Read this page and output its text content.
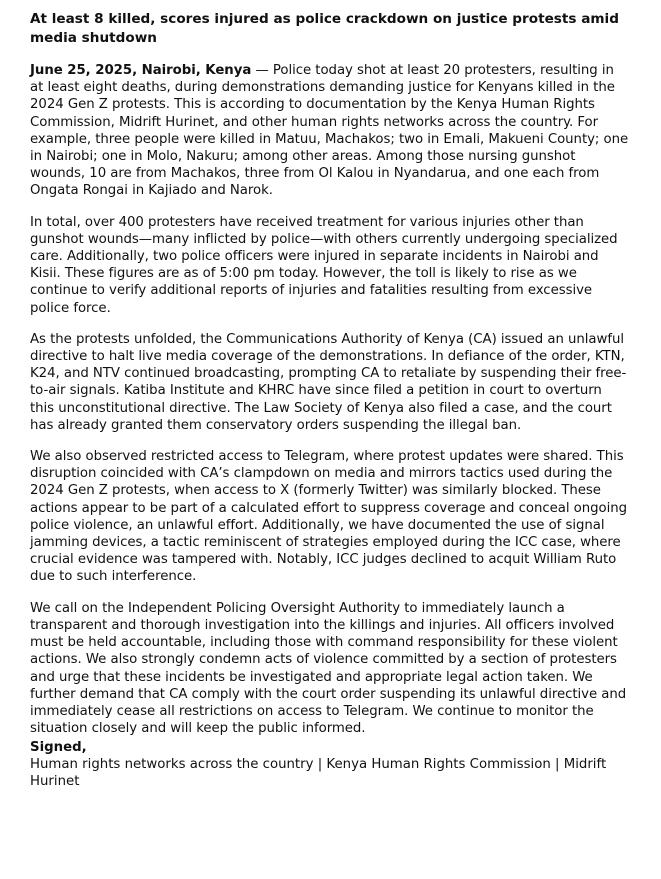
At least 8 killed, scores injured as police crackdown on justice protests amid media shutdown

June 25, 2025, Nairobi, Kenya — Police today shot at least 20 protesters, resulting in at least eight deaths, during demonstrations demanding justice for Kenyans killed in the 2024 Gen Z protests. This is according to documentation by the Kenya Human Rights Commission, Midrift Hurinet, and other human rights networks across the country. For example, three people were killed in Matuu, Machakos; two in Emali, Makueni County; one in Nairobi; one in Molo, Nakuru; among other areas. Among those nursing gunshot wounds, 10 are from Machakos, three from Ol Kalou in Nyandarua, and one each from Ongata Rongai in Kajiado and Narok.

In total, over 400 protesters have received treatment for various injuries other than gunshot wounds—many inflicted by police—with others currently undergoing specialized care. Additionally, two police officers were injured in separate incidents in Nairobi and Kisii. These figures are as of 5:00 pm today. However, the toll is likely to rise as we continue to verify additional reports of injuries and fatalities resulting from excessive police force.

As the protests unfolded, the Communications Authority of Kenya (CA) issued an unlawful directive to halt live media coverage of the demonstrations. In defiance of the order, KTN, K24, and NTV continued broadcasting, prompting CA to retaliate by suspending their free-to-air signals. Katiba Institute and KHRC have since filed a petition in court to overturn this unconstitutional directive. The Law Society of Kenya also filed a case, and the court has already granted them conservatory orders suspending the illegal ban.

We also observed restricted access to Telegram, where protest updates were shared. This disruption coincided with CA’s clampdown on media and mirrors tactics used during the 2024 Gen Z protests, when access to X (formerly Twitter) was similarly blocked. These actions appear to be part of a calculated effort to suppress coverage and conceal ongoing police violence, an unlawful effort. Additionally, we have documented the use of signal jamming devices, a tactic reminiscent of strategies employed during the ICC case, where crucial evidence was tampered with. Notably, ICC judges declined to acquit William Ruto due to such interference.

We call on the Independent Policing Oversight Authority to immediately launch a transparent and thorough investigation into the killings and injuries. All officers involved must be held accountable, including those with command responsibility for these violent actions. We also strongly condemn acts of violence committed by a section of protesters and urge that these incidents be investigated and appropriate legal action taken. We further demand that CA comply with the court order suspending its unlawful directive and immediately cease all restrictions on access to Telegram. We continue to monitor the situation closely and will keep the public informed.

Signed,
Human rights networks across the country | Kenya Human Rights Commission | Midrift Hurinet
